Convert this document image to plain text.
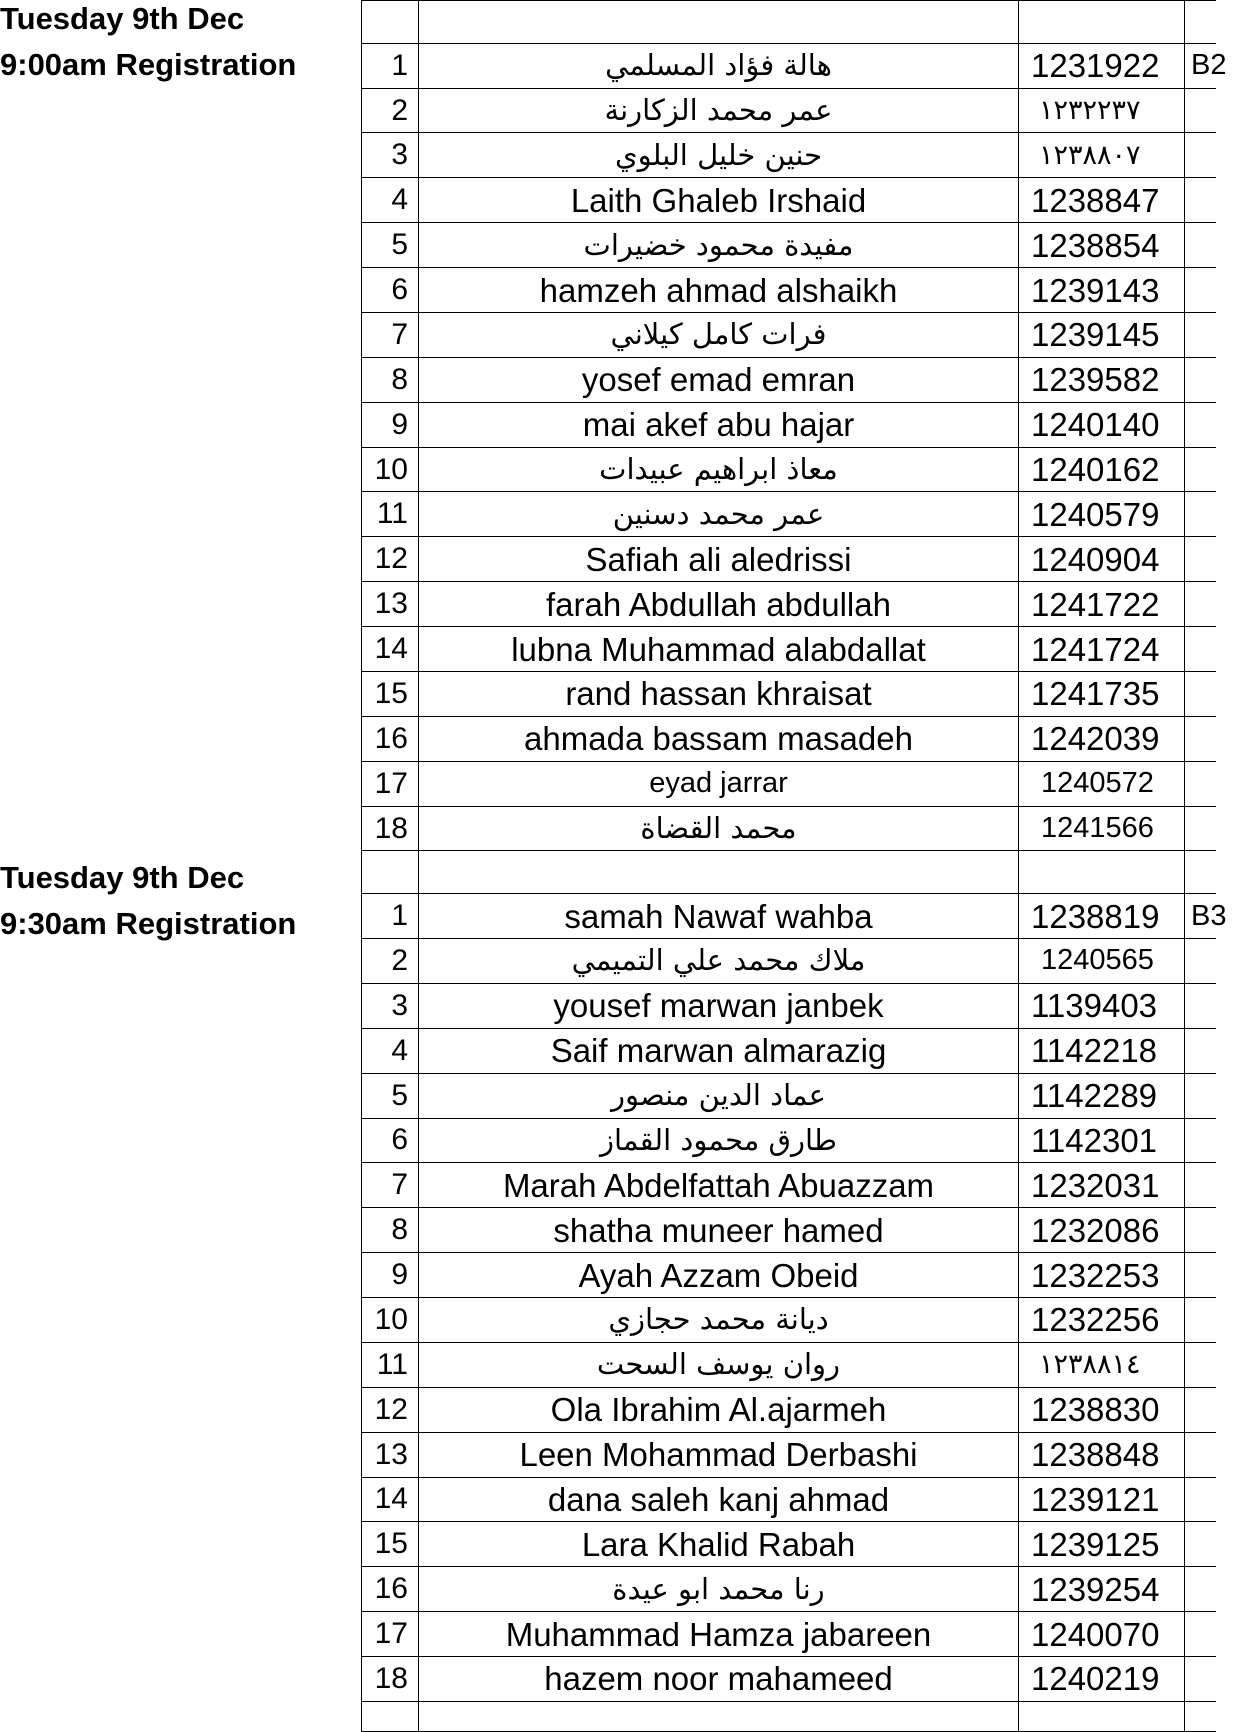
Tuesday 9th Dec
9:00am Registration
Tuesday 9th Dec
9:30am Registration

1	هالة فؤاد المسلمي	1231922	B2
2	عمر محمد الزكارنة	١٢٣٢٢٣٧	
3	حنين خليل البلوي	١٢٣٨٨٠٧	
4	Laith Ghaleb Irshaid	1238847	
5	مفيدة محمود خضيرات	1238854	
6	hamzeh ahmad alshaikh	1239143	
7	فرات كامل كيلاني	1239145	
8	yosef emad emran	1239582	
9	mai akef abu hajar	1240140	
10	معاذ ابراهيم عبيدات	1240162	
11	عمر محمد دسنين	1240579	
12	Safiah ali aledrissi	1240904	
13	farah Abdullah abdullah	1241722	
14	lubna Muhammad alabdallat	1241724	
15	rand hassan khraisat	1241735	
16	ahmada bassam masadeh	1242039	
17	eyad jarrar	1240572	
18	محمد القضاة	1241566	

1	samah Nawaf wahba	1238819	B3
2	ملاك محمد علي التميمي	1240565	
3	yousef marwan janbek	1139403	
4	Saif marwan almarazig	1142218	
5	عماد الدين منصور	1142289	
6	طارق محمود القماز	1142301	
7	Marah Abdelfattah Abuazzam	1232031	
8	shatha muneer hamed	1232086	
9	Ayah Azzam Obeid	1232253	
10	ديانة محمد حجازي	1232256	
11	روان يوسف السحت	١٢٣٨٨١٤	
12	Ola Ibrahim Al.ajarmeh	1238830	
13	Leen Mohammad Derbashi	1238848	
14	dana saleh kanj ahmad	1239121	
15	Lara Khalid Rabah	1239125	
16	رنا محمد ابو عيدة	1239254	
17	Muhammad Hamza jabareen	1240070	
18	hazem noor mahameed	1240219	
